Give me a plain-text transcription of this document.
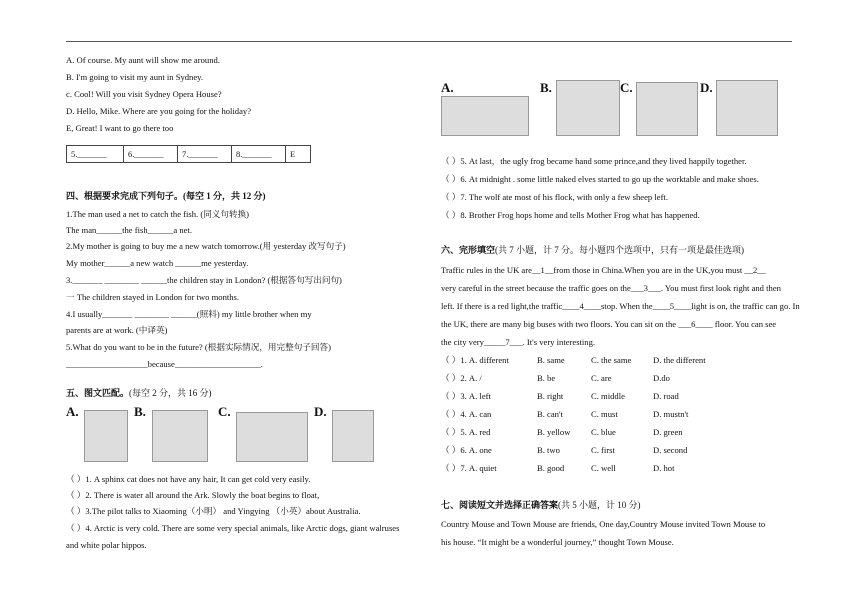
A. Of course. My aunt will show me around.
B. I'm going to visit my aunt in Sydney.
c. Cool! Will you visit Sydney Opera House?
D. Hello, Mike. Where are you going for the holiday?
E, Great! I want to go there too
5._______	6._______	7._______	8._______	E
四、根据要求完成下列句子。(每空 1 分，共 12 分)
1.The man used a net to catch the fish. (同义句转换)
The man______the fish______a net.
2.My mother is going to buy me a new watch tomorrow.(用 yesterday 改写句子)
My mother______a new watch ______me yesterday.
3._______ ________ ______the children stay in London? (根据答句写出问句)
一 The children stayed in London for two months.
4.I usually_______ ________ ______(照料) my little brother when my
parents are at work. (中译英)
5.What do you want to be in the future? (根据实际情况，用完整句子回答)
___________________because____________________.
五、图文匹配。(每空 2 分，共 16 分)
A.	B.	C.	D.
（ ）1. A sphinx cat does not have any hair, It can get cold very easily.
（ ）2. There is water all around the Ark. Slowly the boat begins to float,
（ ）3.The pilot talks to Xiaoming（小明） and Yingying （小英）about Australia.
（ ）4. Arctic is very cold. There are some very special animals, like Arctic dogs, giant walruses
and white polar hippos.
A.	B.	C.	D.
（ ）5. At last，the ugly frog became hand some prince,and they lived happily together.
（ ）6. At midnight . some little naked elves started to go up the worktable and make shoes.
（ ）7. The wolf ate most of his flock, with only a few sheep left.
（ ）8. Brother Frog hops home and tells Mother Frog what has happened.
六、完形填空(共 7 小题，计 7 分。每小题四个选项中，只有一项是最佳选项)
Traffic rules in the UK are__1__from those in China.When you are in the UK,you must __2__
very careful in the street because the traffic goes on the___3___. You must first look right and then
left. If there is a red light,the traffic____4____stop. When the____5____light is on, the traffic can go. In
the UK, there are many big buses with two floors. You can sit on the ___6____ floor. You can see
the city very_____7___. It's very interesting.
（ ）1. A. different	B. same	C. the same	D. the different
（ ）2. A. /	B. be	C. are	D.do
（ ）3. A. left	B. right	C. middle	D. road
（ ）4. A. can	B. can't	C. must	D. mustn't
（ ）5. A. red	B. yellow C. blue	D. green
（ ）6. A. one	B. two	C. first	D. second
（ ）7. A. quiet	B. good	C. well	D. hot
七、阅读短文并选择正确答案(共 5 小题，计 10 分)
Country Mouse and Town Mouse are friends, One day,Country Mouse invited Town Mouse to
his house. “It might be a wonderful journey,” thought Town Mouse.
